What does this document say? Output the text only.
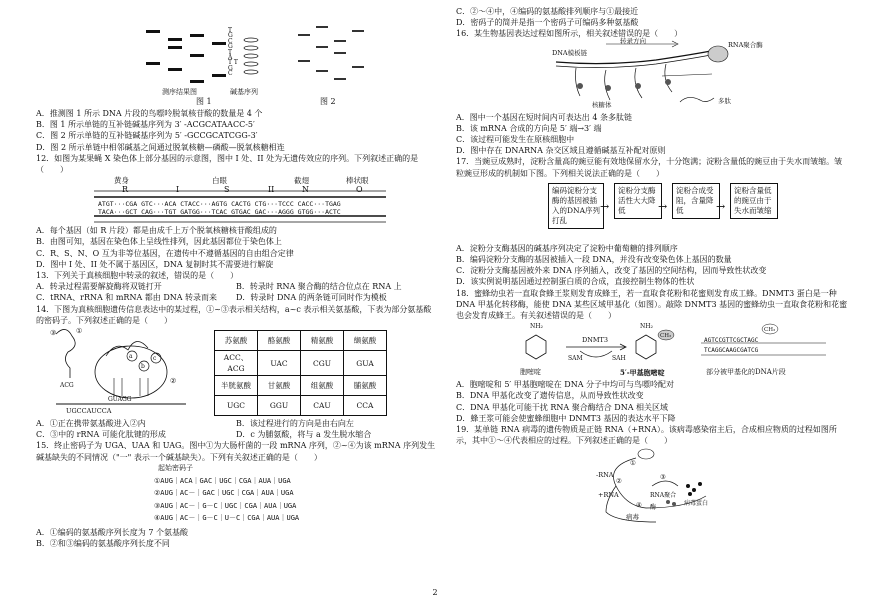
T G C G T A T T G C
测序结果图	碱基序列
图 1	图 2

A．推测图 1 所示 DNA 片段的鸟嘌呤脱氧核苷酸的数量是 4 个

B．图 1 所示单链的互补链碱基序列为 3′ -ACGCATAACC-5′

C．图 2 所示单链的互补链碱基序列为 5′ -GCCGCATCGG-3′

D．图 2 所示单链中相邻碱基之间通过脱氧核糖—磷酸—脱氧核糖相连

12．如图为某果蝇 X 染色体上部分基因的示意图，图中 I 处、II 处为无遗传效应的序列。下列叙述正确的是（　　）

黄身	白眼	截翅	棒状眼
R	I	S	II	N	O
ATGT···CGA GTC···ACA CTACC···AGTG CACTG CTG···TCCC CACC···TGAG
TACA···GCT CAG···TGT GATGG···TCAC GTGAC GAC···AGGG GTGG···ACTC

A．每个基因（如 R 片段）都是由成千上万个脱氧核糖核苷酸组成的

B．由图可知，基因在染色体上呈线性排列，因此基因都位于染色体上

C．R、S、N、O 互为非等位基因，在遗传中不遵循基因的自由组合定律

D．图中 I 处、II 处不属于基因区，DNA 复制时其不需要进行解旋

13．下列关于真核细胞中转录的叙述，错误的是（　　）

A．转录过程需要解旋酶将双链打开	B．转录时 RNA 聚合酶的结合位点在 RNA 上
C．tRNA、rRNA 和 mRNA 都由 DNA 转录而来	D．转录时 DNA 的两条链可同时作为模板

14．下图为真核细胞遗传信息表达中的某过程，①~③表示相关结构，a~c 表示相关氨基酸，下表为部分氨基酸的密码子。下列叙述正确的是（　　）

③	①
ACG
②
a
b
c
GUAGG
UGCCAUCCA
苏氨酸	酪氨酸	精氨酸	缬氨酸
ACC、ACG	UAC	CGU	GUA
半胱氨酸	甘氨酸	组氨酸	脯氨酸
UGC	GGU	CAU	CCA
A．①正在携带氨基酸进入②内	B．该过程进行的方向是由右向左
C．③中的 rRNA 可能化肽键的形成	D．c 为脯氨酸，将与 a 发生脱水缩合

15．终止密码子为 UGA、UAA 和 UAG。图中①为大肠杆菌的一段 mRNA 序列，②~④为该 mRNA 序列发生碱基缺失的不同情况（"一" 表示一个碱基缺失）。下列有关叙述正确的是（　　）

起始密码子
①AUG｜ACA｜GAC｜UGC｜CGA｜AUA｜UGA
②AUG｜AC－｜GAC｜UGC｜CGA｜AUA｜UGA
③AUG｜AC－｜G－C｜UGC｜CGA｜AUA｜UGA
④AUG｜AC－｜G－C｜U－C｜CGA｜AUA｜UGA

A．①编码的氨基酸序列长度为 7 个氨基酸

B．②和③编码的氨基酸序列长度不同

C．②～④中，④编码的氨基酸排列顺序与①最接近

D．密码子的简并是指一个密码子可编码多种氨基酸

16．某生物基因表达过程如图所示，相关叙述错误的是（　　）

DNA模板链
转录方向	RNA聚合酶
核糖体	多肽

A．图中一个基因在短时间内可表达出 4 条多肽链

B．该 mRNA 合成的方向是 5′ 端→3′ 端

C．该过程可能发生在原核细胞中

D．图中存在 DNARNA 杂交区域且遵循碱基互补配对原则

17．当豌豆成熟时，淀粉含量高的豌豆能有效地保留水分，十分饱满；淀粉含量低的豌豆由于失水而皱缩。皱粒豌豆形成的机制如下图。下列相关说法正确的是（　　）

编码淀粉分支酶的基因被插入的DNA序列打乱
→
淀粉分支酶活性大大降低	→
淀粉合成受阻，含量降低	→
淀粉含量低的豌豆由于失水而皱缩

A．淀粉分支酶基因的碱基序列决定了淀粉中葡萄糖的排列顺序

B．编码淀粉分支酶的基因被插入一段 DNA，并没有改变染色体上基因的数量

C．淀粉分支酶基因被外来 DNA 序列插入，改变了基因的空间结构，因而导致性状改变

D．该实例说明基因通过控制蛋白质的合成，直接控制生物体的性状

18．蜜蜂幼虫若一直取食蜂王浆则发育成蜂王，若一直取食花粉和花蜜则发育成工蜂。DNMT3 蛋白是一种 DNA 甲基化转移酶，能使 DNA 某些区域甲基化（如图）。敲除 DNMT3 基因的蜜蜂幼虫一直取食花粉和花蜜也会发育成蜂王。有关叙述错误的是（　　）

NH₂	NH₂
CH₃
CH₃
DNMT3
SAM	SAH
AGTCCGTTCGCTAGC
TCAGGCAAGCGATCG
胞嘧啶	5′-甲基胞嘧啶	部分被甲基化的DNA片段

A．胞嘧啶和 5′ 甲基胞嘧啶在 DNA 分子中均可与鸟嘌呤配对

B．DNA 甲基化改变了遗传信息，从而导致性状改变

C．DNA 甲基化可能干扰 RNA 聚合酶结合 DNA 相关区域

D．蜂王浆可能会使蜜蜂细胞中 DNMT3 基因的表达水平下降

19．某单链 RNA 病毒的遗传物质是正链 RNA（+RNA）。该病毒感染宿主后，合成相应物质的过程如图所示，其中①～④代表相应的过程。下列叙述正确的是（　　）

病毒
-RNA
+RNA	RNA聚合酶	病毒蛋白
①
②	③
④
2
